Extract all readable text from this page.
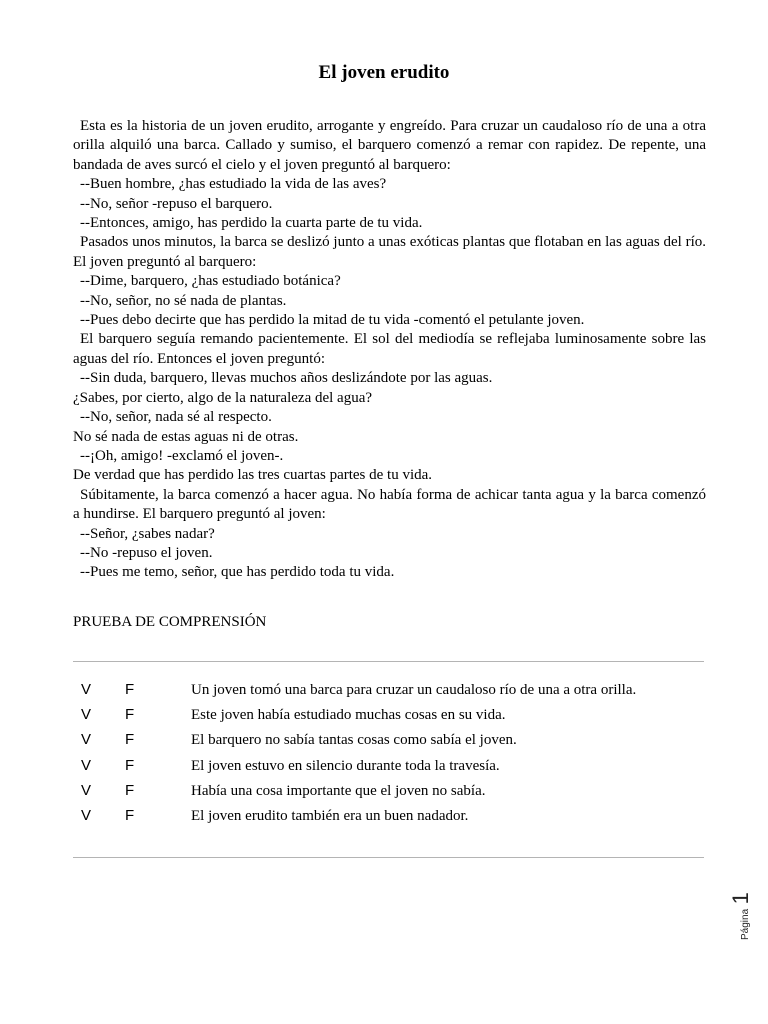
El joven erudito

Esta es la historia de un joven erudito, arrogante y engreído. Para cruzar un caudaloso río de una a otra orilla alquiló una barca. Callado y sumiso, el barquero comenzó a remar con rapidez. De repente, una bandada de aves surcó el cielo y el joven preguntó al barquero:

--Buen hombre, ¿has estudiado la vida de las aves?

--No, señor -repuso el barquero.

--Entonces, amigo, has perdido la cuarta parte de tu vida.

Pasados unos minutos, la barca se deslizó junto a unas exóticas plantas que flotaban en las aguas del río. El joven preguntó al barquero:

--Dime, barquero, ¿has estudiado botánica?

--No, señor, no sé nada de plantas.

--Pues debo decirte que has perdido la mitad de tu vida -comentó el petulante joven.

El barquero seguía remando pacientemente. El sol del mediodía se reflejaba luminosamente sobre las aguas del río. Entonces el joven preguntó:

--Sin duda, barquero, llevas muchos años deslizándote por las aguas.

¿Sabes, por cierto, algo de la naturaleza del agua?

--No, señor, nada sé al respecto.

No sé nada de estas aguas ni de otras.

--¡Oh, amigo! -exclamó el joven-.

De verdad que has perdido las tres cuartas partes de tu vida.

Súbitamente, la barca comenzó a hacer agua. No había forma de achicar tanta agua y la barca comenzó a hundirse. El barquero preguntó al joven:

--Señor, ¿sabes nadar?

--No -repuso el joven.

--Pues me temo, señor, que has perdido toda tu vida.

PRUEBA DE COMPRENSIÓN
V F	Un joven tomó una barca para cruzar un caudaloso río de una a otra orilla.
V F	Este joven había estudiado muchas cosas en su vida.
V F	El barquero no sabía tantas cosas como sabía el joven.
V F	El joven estuvo en silencio durante toda la travesía.
V F	Había una cosa importante que el joven no sabía.
V F	El joven erudito también era un buen nadador.
Página 1
